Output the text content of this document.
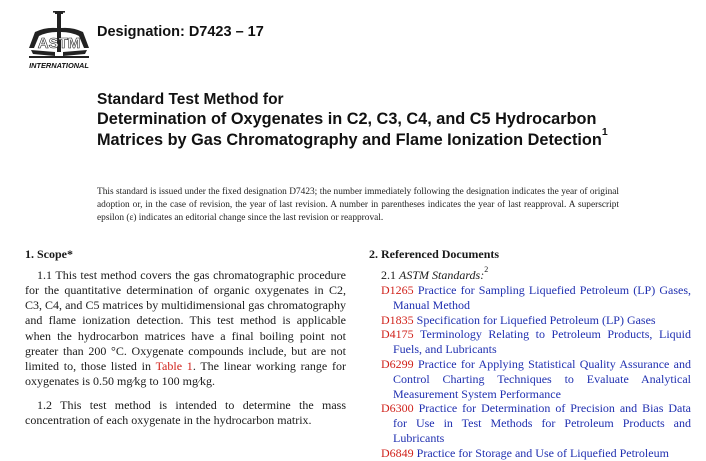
ASTM
INTERNATIONAL
Designation: D7423 – 17
Standard Test Method for
Determination of Oxygenates in C2, C3, C4, and C5 Hydrocarbon Matrices by Gas Chromatography and Flame Ionization Detection$^1$
This standard is issued under the fixed designation D7423; the number immediately following the designation indicates the year of original adoption or, in the case of revision, the year of last revision. A number in parentheses indicates the year of last reapproval. A superscript epsilon (ε) indicates an editorial change since the last revision or reapproval.
1. Scope*

1.1 This test method covers the gas chromatographic procedure for the quantitative determination of organic oxygenates in C2, C3, C4, and C5 matrices by multidimensional gas chromatography and flame ionization detection. This test method is applicable when the hydrocarbon matrices have a final boiling point not greater than 200 °C. Oxygenate compounds include, but are not limited to, those listed in Table 1. The linear working range for oxygenates is 0.50 mg⁄kg to 100 mg⁄kg.

1.2 This test method is intended to determine the mass concentration of each oxygenate in the hydrocarbon matrix.

2. Referenced Documents
2.1 ASTM Standards:$^2$
D1265 Practice for Sampling Liquefied Petroleum (LP) Gases, Manual Method
D1835 Specification for Liquefied Petroleum (LP) Gases
D4175 Terminology Relating to Petroleum Products, Liquid Fuels, and Lubricants
D6299 Practice for Applying Statistical Quality Assurance and Control Charting Techniques to Evaluate Analytical Measurement System Performance
D6300 Practice for Determination of Precision and Bias Data for Use in Test Methods for Petroleum Products and Lubricants
D6849 Practice for Storage and Use of Liquefied Petroleum
